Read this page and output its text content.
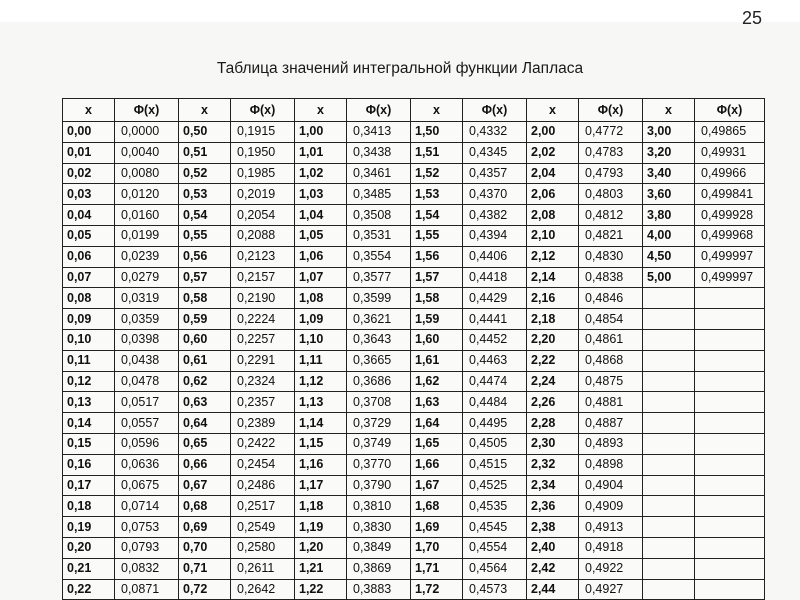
25
Таблица значений интегральной функции Лапласа
x	Φ(x)	x	Φ(x)	x	Φ(x)	x	Φ(x)	x	Φ(x)	x	Φ(x)
0,00	0,0000	0,50	0,1915	1,00	0,3413	1,50	0,4332	2,00	0,4772	3,00	0,49865
0,01	0,0040	0,51	0,1950	1,01	0,3438	1,51	0,4345	2,02	0,4783	3,20	0,49931
0,02	0,0080	0,52	0,1985	1,02	0,3461	1,52	0,4357	2,04	0,4793	3,40	0,49966
0,03	0,0120	0,53	0,2019	1,03	0,3485	1,53	0,4370	2,06	0,4803	3,60	0,499841
0,04	0,0160	0,54	0,2054	1,04	0,3508	1,54	0,4382	2,08	0,4812	3,80	0,499928
0,05	0,0199	0,55	0,2088	1,05	0,3531	1,55	0,4394	2,10	0,4821	4,00	0,499968
0,06	0,0239	0,56	0,2123	1,06	0,3554	1,56	0,4406	2,12	0,4830	4,50	0,499997
0,07	0,0279	0,57	0,2157	1,07	0,3577	1,57	0,4418	2,14	0,4838	5,00	0,499997
0,08	0,0319	0,58	0,2190	1,08	0,3599	1,58	0,4429	2,16	0,4846		
0,09	0,0359	0,59	0,2224	1,09	0,3621	1,59	0,4441	2,18	0,4854		
0,10	0,0398	0,60	0,2257	1,10	0,3643	1,60	0,4452	2,20	0,4861		
0,11	0,0438	0,61	0,2291	1,11	0,3665	1,61	0,4463	2,22	0,4868		
0,12	0,0478	0,62	0,2324	1,12	0,3686	1,62	0,4474	2,24	0,4875		
0,13	0,0517	0,63	0,2357	1,13	0,3708	1,63	0,4484	2,26	0,4881		
0,14	0,0557	0,64	0,2389	1,14	0,3729	1,64	0,4495	2,28	0,4887		
0,15	0,0596	0,65	0,2422	1,15	0,3749	1,65	0,4505	2,30	0,4893		
0,16	0,0636	0,66	0,2454	1,16	0,3770	1,66	0,4515	2,32	0,4898		
0,17	0,0675	0,67	0,2486	1,17	0,3790	1,67	0,4525	2,34	0,4904		
0,18	0,0714	0,68	0,2517	1,18	0,3810	1,68	0,4535	2,36	0,4909		
0,19	0,0753	0,69	0,2549	1,19	0,3830	1,69	0,4545	2,38	0,4913		
0,20	0,0793	0,70	0,2580	1,20	0,3849	1,70	0,4554	2,40	0,4918		
0,21	0,0832	0,71	0,2611	1,21	0,3869	1,71	0,4564	2,42	0,4922		
0,22	0,0871	0,72	0,2642	1,22	0,3883	1,72	0,4573	2,44	0,4927		
